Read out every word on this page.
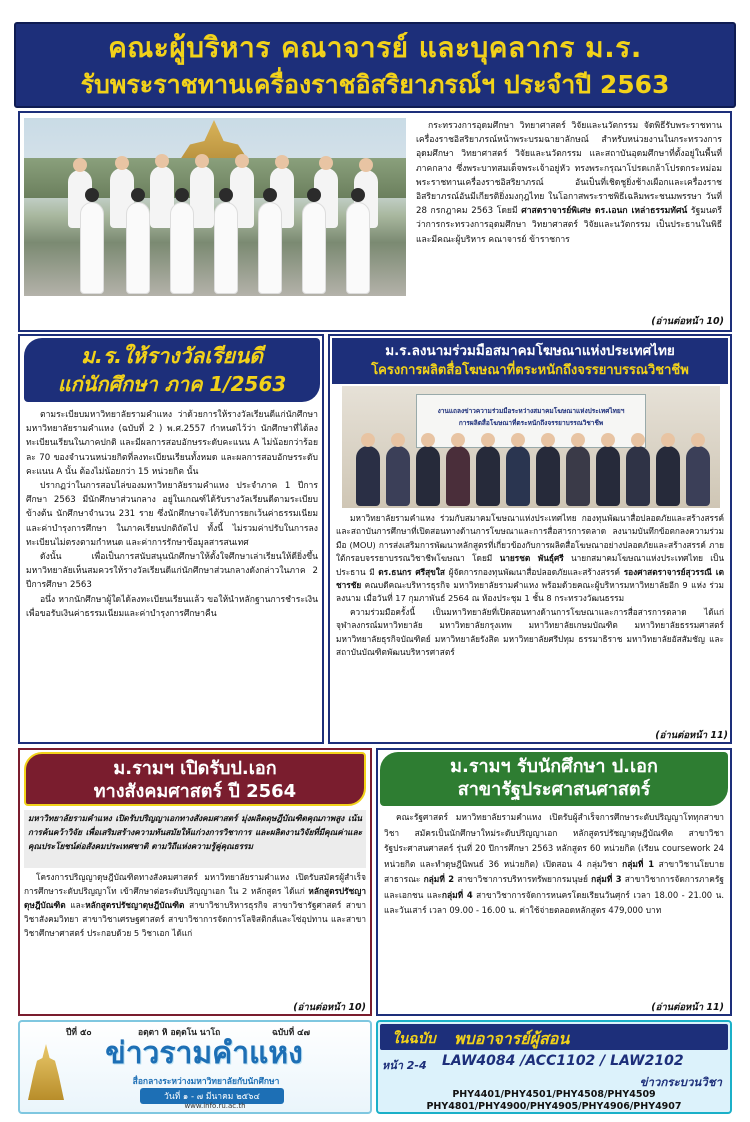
คณะผู้บริหาร คณาจารย์ และบุคลากร ม.ร.
รับพระราชทานเครื่องราชอิสริยาภรณ์ฯ ประจำปี 2563
กระทรวงการอุดมศึกษา วิทยาศาสตร์ วิจัยและนวัตกรรม จัดพิธีรับพระราชทานเครื่องราชอิสริยาภรณ์หน้าพระบรมฉายาลักษณ์ สำหรับหน่วยงานในกระทรวงการอุดมศึกษา วิทยาศาสตร์ วิจัยและนวัตกรรม และสถาบันอุดมศึกษาที่ตั้งอยู่ในพื้นที่ภาคกลาง ซึ่งพระบาทสมเด็จพระเจ้าอยู่หัว ทรงพระกรุณาโปรดเกล้าโปรดกระหม่อมพระราชทานเครื่องราชอิสริยาภรณ์ อันเป็นที่เชิดชูยิ่งช้างเผือกและเครื่องราชอิสริยาภรณ์อันมีเกียรติยิ่งมงกุฎไทย ในโอกาสพระราชพิธีเฉลิมพระชนมพรรษา วันที่ 28 กรกฎาคม 2563 โดยมี ศาสตราจารย์พิเศษ ดร.เอนก เหล่าธรรมทัศน์ รัฐมนตรีว่าการกระทรวงการอุดมศึกษา วิทยาศาสตร์ วิจัยและนวัตกรรม เป็นประธานในพิธี และมีคณะผู้บริหาร คณาจารย์ ข้าราชการ
(อ่านต่อหน้า 10)
ม.ร.ให้รางวัลเรียนดี
แก่นักศึกษา ภาค 1/2563

ตามระเบียบมหาวิทยาลัยรามคำแหง ว่าด้วยการให้รางวัลเรียนดีแก่นักศึกษามหาวิทยาลัยรามคำแหง (ฉบับที่ 2 ) พ.ศ.2557 กำหนดไว้ว่า นักศึกษาที่ได้ลงทะเบียนเรียนในภาคปกติ และมีผลการสอบอักษรระดับคะแนน A ไม่น้อยกว่าร้อยละ 70 ของจำนวนหน่วยกิตที่ลงทะเบียนเรียนทั้งหมด และผลการสอบอักษรระดับคะแนน A นั้น ต้องไม่น้อยกว่า 15 หน่วยกิต นั้น

ปรากฏว่าในการสอบไล่ของมหาวิทยาลัยรามคำแหง ประจำภาค 1 ปีการศึกษา 2563 มีนักศึกษาส่วนกลาง อยู่ในเกณฑ์ได้รับรางวัลเรียนดีตามระเบียบข้างต้น นักศึกษาจำนวน 231 ราย ซึ่งนักศึกษาจะได้รับการยกเว้นค่าธรรมเนียมและค่าบำรุงการศึกษา ในภาคเรียนปกติถัดไป ทั้งนี้ ไม่รวมค่าปรับในการลงทะเบียนไม่ตรงตามกำหนด และค่าการรักษาข้อมูลสารสนเทศ

ดังนั้น เพื่อเป็นการสนับสนุนนักศึกษาให้ตั้งใจศึกษาเล่าเรียนให้ดียิ่งขึ้น มหาวิทยาลัยเห็นสมควรให้รางวัลเรียนดีแก่นักศึกษาส่วนกลางดังกล่าวในภาค 2 ปีการศึกษา 2563

อนึ่ง หากนักศึกษาผู้ใดได้ลงทะเบียนเรียนแล้ว ขอให้นำหลักฐานการชำระเงินเพื่อขอรับเงินค่าธรรมเนียมและค่าบำรุงการศึกษาคืน

ม.ร.ลงนามร่วมมือสมาคมโฆษณาแห่งประเทศไทย
โครงการผลิตสื่อโฆษณาที่ตระหนักถึงจรรยาบรรณวิชาชีพ
งานแถลงข่าวความร่วมมือระหว่างสมาคมโฆษณาแห่งประเทศไทยฯ
การผลิตสื่อโฆษณาที่ตระหนักถึงจรรยาบรรณวิชาชีพ

มหาวิทยาลัยรามคำแหง ร่วมกับสมาคมโฆษณาแห่งประเทศไทย กองทุนพัฒนาสื่อปลอดภัยและสร้างสรรค์ และสถาบันการศึกษาที่เปิดสอนทางด้านการโฆษณาและการสื่อสารการตลาด ลงนามบันทึกข้อตกลงความร่วมมือ (MOU) การส่งเสริมการพัฒนาหลักสูตรที่เกี่ยวข้องกับการผลิตสื่อโฆษณาอย่างปลอดภัยและสร้างสรรค์ ภายใต้กรอบจรรยาบรรณวิชาชีพโฆษณา โดยมี นายรชต พันธุ์ศรี นายกสมาคมโฆษณาแห่งประเทศไทย เป็นประธาน มี ดร.ธนกร ศรีสุขใส ผู้จัดการกองทุนพัฒนาสื่อปลอดภัยและสร้างสรรค์ รองศาสตราจารย์สุวรรณี เตชารชัย คณบดีคณะบริหารธุรกิจ มหาวิทยาลัยรามคำแหง พร้อมด้วยคณะผู้บริหารมหาวิทยาลัยอีก 9 แห่ง ร่วมลงนาม เมื่อวันที่ 17 กุมภาพันธ์ 2564 ณ ห้องประชุม 1 ชั้น 8 กระทรวงวัฒนธรรม

ความร่วมมือครั้งนี้ เป็นมหาวิทยาลัยที่เปิดสอนทางด้านการโฆษณาและการสื่อสารการตลาด ได้แก่ จุฬาลงกรณ์มหาวิทยาลัย มหาวิทยาลัยกรุงเทพ มหาวิทยาลัยเกษมบัณฑิต มหาวิทยาลัยธรรมศาสตร์ มหาวิทยาลัยธุรกิจบัณฑิตย์ มหาวิทยาลัยรังสิต มหาวิทยาลัยศรีปทุม ธรรมาธิราช มหาวิทยาลัยอัสสัมชัญ และสถาบันบัณฑิตพัฒนบริหารศาสตร์

(อ่านต่อหน้า 11)
ม.รามฯ เปิดรับป.เอก
ทางสังคมศาสตร์ ปี 2564
มหาวิทยาลัยรามคำแหง เปิดรับปริญญาเอกทางสังคมศาสตร์ มุ่งผลิตดุษฎีบัณฑิตคุณภาพสูง เน้นการค้นคว้าวิจัย เพื่อเสริมสร้างความทันสมัยให้แก่วงการวิชาการ และผลิตงานวิจัยที่มีคุณค่าและคุณประโยชน์ต่อสังคมประเทศชาติ ตามวิถีแห่งความรู้คู่คุณธรรม
โครงการปริญญาดุษฎีบัณฑิตทางสังคมศาสตร์ มหาวิทยาลัยรามคำแหง เปิดรับสมัครผู้สำเร็จการศึกษาระดับปริญญาโท เข้าศึกษาต่อระดับปริญญาเอก ใน 2 หลักสูตร ได้แก่ หลักสูตรปรัชญาดุษฎีบัณฑิต และหลักสูตรปรัชญาดุษฎีบัณฑิต สาขาวิชาบริหารธุรกิจ สาขาวิชารัฐศาสตร์ สาขาวิชาสังคมวิทยา สาขาวิชาเศรษฐศาสตร์ สาขาวิชาการจัดการโลจิสติกส์และโซ่อุปทาน และสาขาวิชาศึกษาศาสตร์ ประกอบด้วย 5 วิชาเอก ได้แก่
(อ่านต่อหน้า 10)
ม.รามฯ รับนักศึกษา ป.เอก
สาขารัฐประศาสนศาสตร์
คณะรัฐศาสตร์ มหาวิทยาลัยรามคำแหง เปิดรับผู้สำเร็จการศึกษาระดับปริญญาโททุกสาขาวิชา สมัครเป็นนักศึกษาใหม่ระดับปริญญาเอก หลักสูตรปรัชญาดุษฎีบัณฑิต สาขาวิชารัฐประศาสนศาสตร์ รุ่นที่ 20 ปีการศึกษา 2563 หลักสูตร 60 หน่วยกิต (เรียน coursework 24 หน่วยกิต และทำดุษฎีนิพนธ์ 36 หน่วยกิต) เปิดสอน 4 กลุ่มวิชา กลุ่มที่ 1 สาขาวิชานโยบายสาธารณะ กลุ่มที่ 2 สาขาวิชาการบริหารทรัพยากรมนุษย์ กลุ่มที่ 3 สาขาวิชาการจัดการภาครัฐและเอกชน และกลุ่มที่ 4 สาขาวิชาการจัดการหนครโดยเรียนวันศุกร์ เวลา 18.00 - 21.00 น. และวันเสาร์ เวลา 09.00 - 16.00 น. ค่าใช้จ่ายตลอดหลักสูตร 479,000 บาท
(อ่านต่อหน้า 11)
ปีที่ ๕๐	อตฺตา หิ อตฺตโน นาโถ	ฉบับที่ ๔๗
ข่าวรามคำแหง
สื่อกลางระหว่างมหาวิทยาลัยกับนักศึกษา
วันที่ ๑ - ๗ มีนาคม ๒๕๖๔
www.info.ru.ac.th
ในฉบับ พบอาจารย์ผู้สอน
หน้า 2-4 LAW4084 /ACC1102 / LAW2102
ข่าวกระบวนวิชา
PHY4401/PHY4501/PHY4508/PHY4509
PHY4801/PHY4900/PHY4905/PHY4906/PHY4907
